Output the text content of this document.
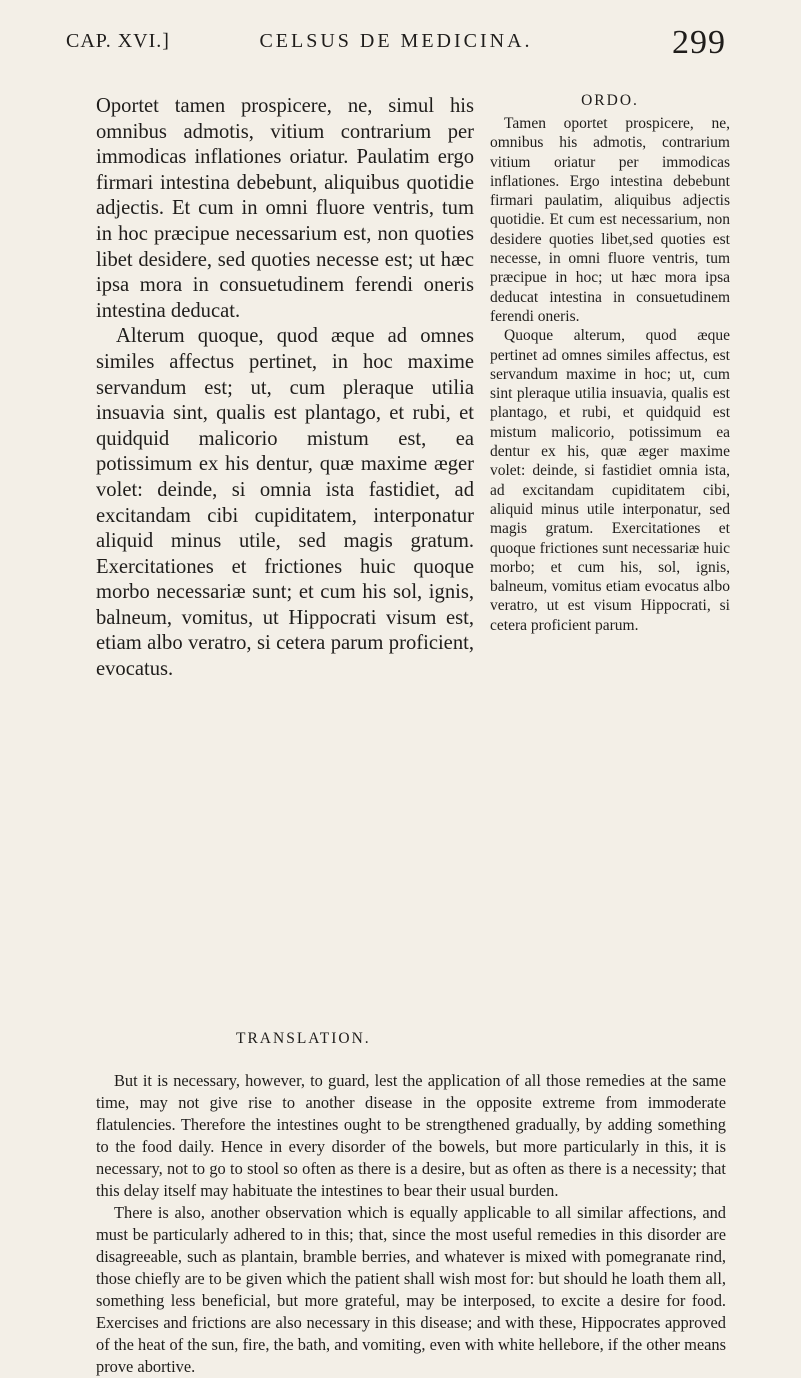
CAP. XVI.]	CELSUS DE MEDICINA.	299

Oportet tamen prospicere, ne, simul his omnibus admotis, vitium contrarium per immodicas inflationes oriatur. Paulatim ergo firmari intestina debebunt, aliquibus quotidie adjectis. Et cum in omni fluore ventris, tum in hoc præcipue necessarium est, non quoties libet desidere, sed quoties necesse est; ut hæc ipsa mora in consuetudinem ferendi oneris intestina deducat.

Alterum quoque, quod æque ad omnes similes affectus pertinet, in hoc maxime servandum est; ut, cum pleraque utilia insuavia sint, qualis est plantago, et rubi, et quidquid malicorio mistum est, ea potissimum ex his dentur, quæ maxime æger volet: deinde, si omnia ista fastidiet, ad excitandam cibi cupiditatem, interponatur aliquid minus utile, sed magis gratum. Exercitationes et frictiones huic quoque morbo necessariæ sunt; et cum his sol, ignis, balneum, vomitus, ut Hippocrati visum est, etiam albo veratro, si cetera parum proficient, evocatus.

ORDO.

Tamen oportet prospicere, ne, omnibus his admotis, contrarium vitium oriatur per immodicas inflationes. Ergo intestina debebunt firmari paulatim, aliquibus adjectis quotidie. Et cum est necessarium, non desidere quoties libet,sed quoties est necesse, in omni fluore ventris, tum præcipue in hoc; ut hæc mora ipsa deducat intestina in consuetudinem ferendi oneris.

Quoque alterum, quod æque pertinet ad omnes similes affectus, est servandum maxime in hoc; ut, cum sint pleraque utilia insuavia, qualis est plantago, et rubi, et quidquid est mistum malicorio, potissimum ea dentur ex his, quæ æger maxime volet: deinde, si fastidiet omnia ista, ad excitandam cupiditatem cibi, aliquid minus utile interponatur, sed magis gratum. Exercitationes et quoque frictiones sunt necessariæ huic morbo; et cum his, sol, ignis, balneum, vomitus etiam evocatus albo veratro, ut est visum Hippocrati, si cetera proficient parum.

TRANSLATION.

But it is necessary, however, to guard, lest the application of all those remedies at the same time, may not give rise to another disease in the opposite extreme from immoderate flatulencies. Therefore the intestines ought to be strengthened gradually, by adding something to the food daily. Hence in every disorder of the bowels, but more particularly in this, it is necessary, not to go to stool so often as there is a desire, but as often as there is a necessity; that this delay itself may habituate the intestines to bear their usual burden.

There is also, another observation which is equally applicable to all similar affections, and must be particularly adhered to in this; that, since the most useful remedies in this disorder are disagreeable, such as plantain, bramble berries, and whatever is mixed with pomegranate rind, those chiefly are to be given which the patient shall wish most for: but should he loath them all, something less beneficial, but more grateful, may be interposed, to excite a desire for food. Exercises and frictions are also necessary in this disease; and with these, Hippocrates approved of the heat of the sun, fire, the bath, and vomiting, even with white hellebore, if the other means prove abortive.
